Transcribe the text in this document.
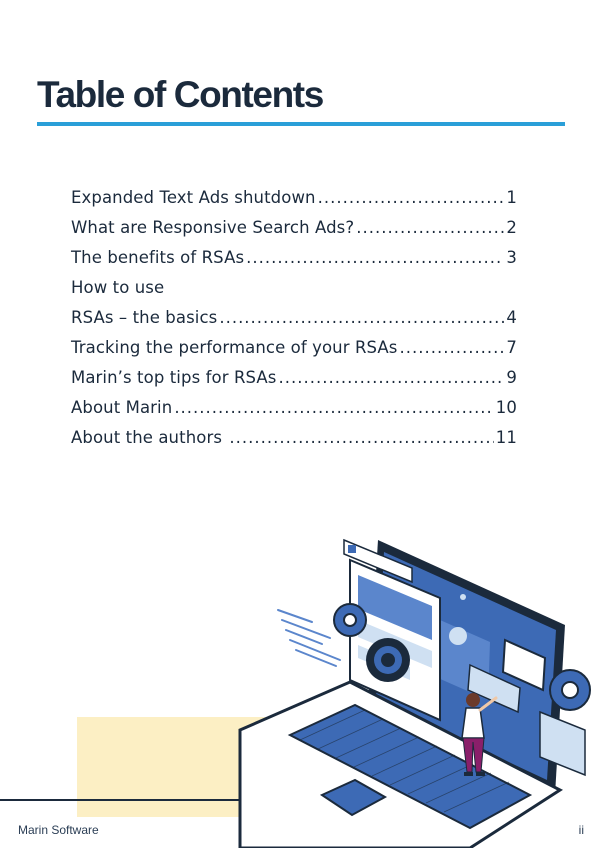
Table of Contents
Expanded Text Ads shutdown .....	1
What are Responsive Search Ads? .....	2
The benefits of RSAs .....	3
How to use
RSAs – the basics .....	4
Tracking the performance of your RSAs .....	7
Marin’s top tips for RSAs .....	9
About Marin .....	10
About the authors .....	11
Marin Software	ii
